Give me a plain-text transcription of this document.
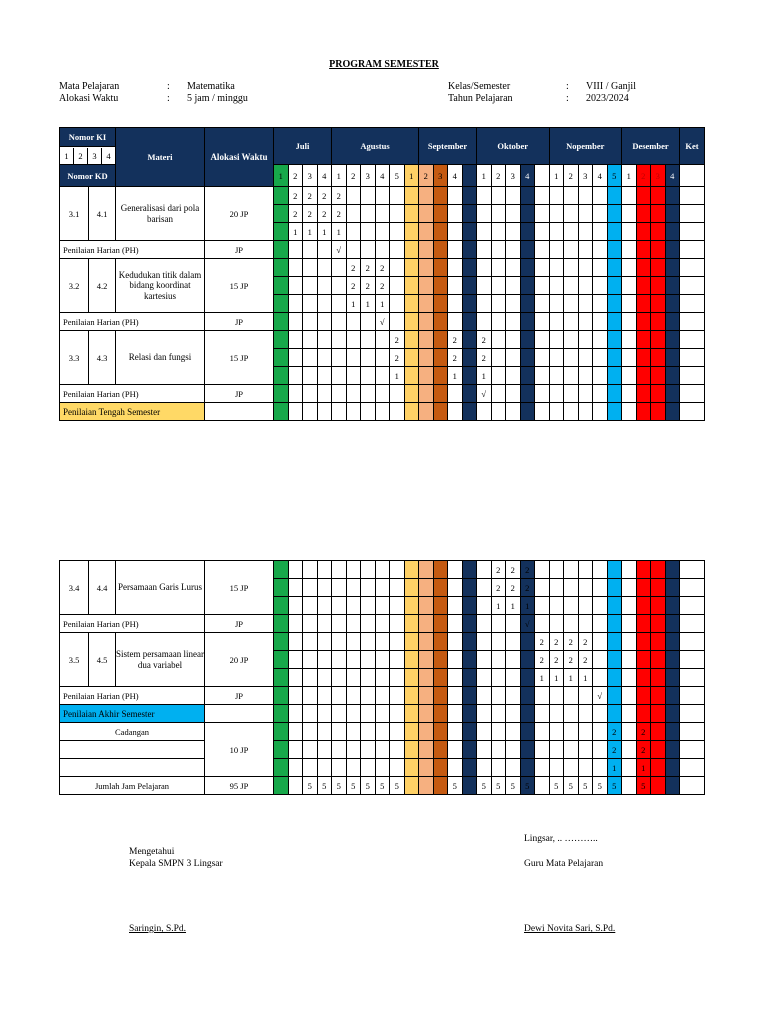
PROGRAM SEMESTER
Mata Pelajaran	: Matematika
Alokasi Waktu	: 5 jam / minggu
Kelas/Semester	: VIII / Ganjil
Tahun Pelajaran	: 2023/2024
Nomor KI		Materi	Alokasi Waktu	Juli				Agustus						September				Oktober					Nopember					Desember				Ket

1 2 3 4																																

Nomor KD				1	2	3	4	1	2	3	4	5	1	2	3	4		1	2	3	4		1	2	3	4	5	1	2	3	4	
3.1	4.1	Generalisasi dari pola barisan	20 JP		2	2	2	2																								
					2	2	2	2																								
					1	1	1	1																								
Penilaian Harian (PH)			JP					√																								
3.2	4.2	Kedudukan titik dalam bidang koordinat kartesius	15 JP						2	2	2																					
									2	2	2																					
									1	1	1																					
Penilaian Harian (PH)			JP								√																					
3.3	4.3	Relasi dan fungsi	15 JP									2				2		2														
												2				2		2														
												1				1		1														
Penilaian Harian (PH)			JP															√														
Penilaian Tengah Semester																																
3.4	4.4	Persamaan Garis Lurus	15 JP																2	2	2											
																			2	2	2											
																			1	1	1											
Penilaian Harian (PH)			JP																		√											
3.5	4.5	Sistem persamaan linear dua variabel	20 JP																			2	2	2	2							
																						2	2	2	2							
																						1	1	1	1							
Penilaian Harian (PH)			JP																							√						
Penilaian Akhir Semester																																
Cadangan			10 JP																								2		2			
																											2		2			
																											1		1			
Jumlah Jam Pelajaran			95 JP			5	5	5	5	5	5	5				5		5	5	5	5		5	5	5	5	5		5			
Lingsar, .. ………..
Mengetahui
Kepala SMPN 3 Lingsar	Guru Mata Pelajaran
Saringin, S.Pd.	Dewi Novita Sari, S.Pd.
